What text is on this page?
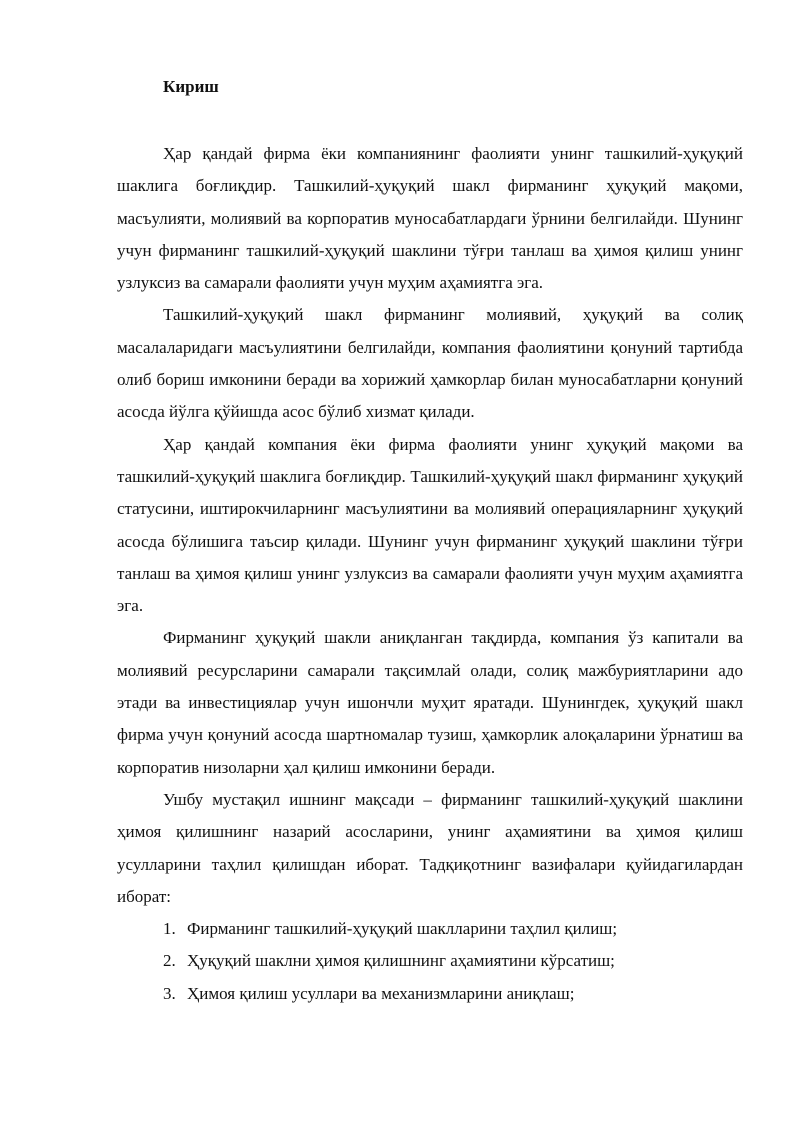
Кириш

Ҳар қандай фирма ёки компаниянинг фаолияти унинг ташкилий-ҳуқуқий шаклига боғлиқдир. Ташкилий-ҳуқуқий шакл фирманинг ҳуқуқий мақоми, масъулияти, молиявий ва корпоратив муносабатлардаги ўрнини белгилайди. Шунинг учун фирманинг ташкилий-ҳуқуқий шаклини тўғри танлаш ва ҳимоя қилиш унинг узлуксиз ва самарали фаолияти учун муҳим аҳамиятга эга.

Ташкилий-ҳуқуқий шакл фирманинг молиявий, ҳуқуқий ва солиқ масалаларидаги масъулиятини белгилайди, компания фаолиятини қонуний тартибда олиб бориш имконини беради ва хорижий ҳамкорлар билан муносабатларни қонуний асосда йўлга қўйишда асос бўлиб хизмат қилади.

Ҳар қандай компания ёки фирма фаолияти унинг ҳуқуқий мақоми ва ташкилий-ҳуқуқий шаклига боғлиқдир. Ташкилий-ҳуқуқий шакл фирманинг ҳуқуқий статусини, иштирокчиларнинг масъулиятини ва молиявий операцияларнинг ҳуқуқий асосда бўлишига таъсир қилади. Шунинг учун фирманинг ҳуқуқий шаклини тўғри танлаш ва ҳимоя қилиш унинг узлуксиз ва самарали фаолияти учун муҳим аҳамиятга эга.

Фирманинг ҳуқуқий шакли аниқланган тақдирда, компания ўз капитали ва молиявий ресурсларини самарали тақсимлай олади, солиқ мажбуриятларини адо этади ва инвестициялар учун ишончли муҳит яратади. Шунингдек, ҳуқуқий шакл фирма учун қонуний асосда шартномалар тузиш, ҳамкорлик алоқаларини ўрнатиш ва корпоратив низоларни ҳал қилиш имконини беради.

Ушбу мустақил ишнинг мақсади – фирманинг ташкилий-ҳуқуқий шаклини ҳимоя қилишнинг назарий асосларини, унинг аҳамиятини ва ҳимоя қилиш усулларини таҳлил қилишдан иборат. Тадқиқотнинг вазифалари қуйидагилардан иборат:

1. Фирманинг ташкилий-ҳуқуқий шаклларини таҳлил қилиш;
2. Ҳуқуқий шаклни ҳимоя қилишнинг аҳамиятини кўрсатиш;
3. Ҳимоя қилиш усуллари ва механизмларини аниқлаш;
